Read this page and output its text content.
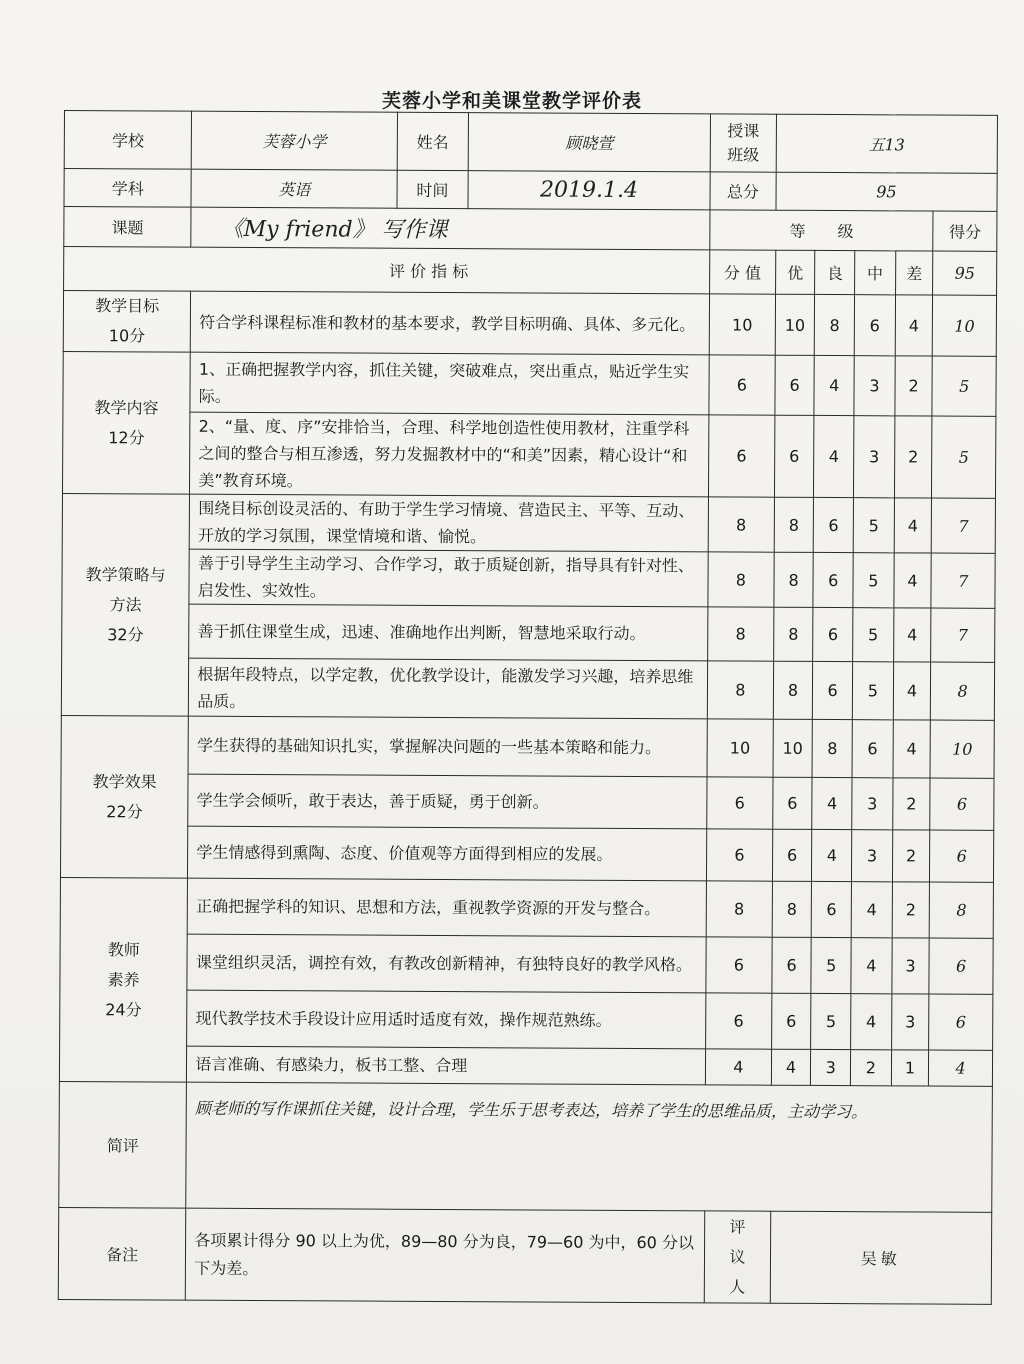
芙蓉小学和美课堂教学评价表
学校	芙蓉小学	姓名	顾晓萱	授课
班级	五13				
学科	英语	时间	2019.1.4	总分	95				
课题	《My friend》 写作课			等　　级					得分
评 价 指 标				分 值	优	良	中	差	95
教学目标
10分	符合学科课程标准和教材的基本要求，教学目标明确、具体、多元化。			10	10	8	6	4	10
教学内容
12分	1、正确把握教学内容，抓住关键，突破难点，突出重点，贴近学生实际。			6	6	4	3	2	5
	2、“量、度、序”安排恰当，合理、科学地创造性使用教材，注重学科之间的整合与相互渗透，努力发掘教材中的“和美”因素，精心设计“和美”教育环境。			6	6	4	3	2	5
教学策略与
方法
32分	围绕目标创设灵活的、有助于学生学习情境、营造民主、平等、互动、开放的学习氛围，课堂情境和谐、愉悦。			8	8	6	5	4	7
	善于引导学生主动学习、合作学习，敢于质疑创新，指导具有针对性、启发性、实效性。			8	8	6	5	4	7
	善于抓住课堂生成，迅速、准确地作出判断，智慧地采取行动。			8	8	6	5	4	7
	根据年段特点，以学定教，优化教学设计，能激发学习兴趣，培养思维品质。			8	8	6	5	4	8
教学效果
22分	学生获得的基础知识扎实，掌握解决问题的一些基本策略和能力。			10	10	8	6	4	10
	学生学会倾听，敢于表达，善于质疑，勇于创新。			6	6	4	3	2	6
	学生情感得到熏陶、态度、价值观等方面得到相应的发展。			6	6	4	3	2	6
教师
素养
24分	正确把握学科的知识、思想和方法，重视教学资源的开发与整合。			8	8	6	4	2	8
	课堂组织灵活，调控有效，有教改创新精神，有独特良好的教学风格。			6	6	5	4	3	6
	现代教学技术手段设计应用适时适度有效，操作规范熟练。			6	6	5	4	3	6
	语言准确、有感染力，板书工整、合理			4	4	3	2	1	4
简评	顾老师的写作课抓住关键，设计合理，学生乐于思考表达，培养了学生的思维品质，主动学习。								
备注	各项累计得分 90 以上为优，89—80 分为良，79—60 为中，60 分以下为差。			评
议
人	吴敏				
